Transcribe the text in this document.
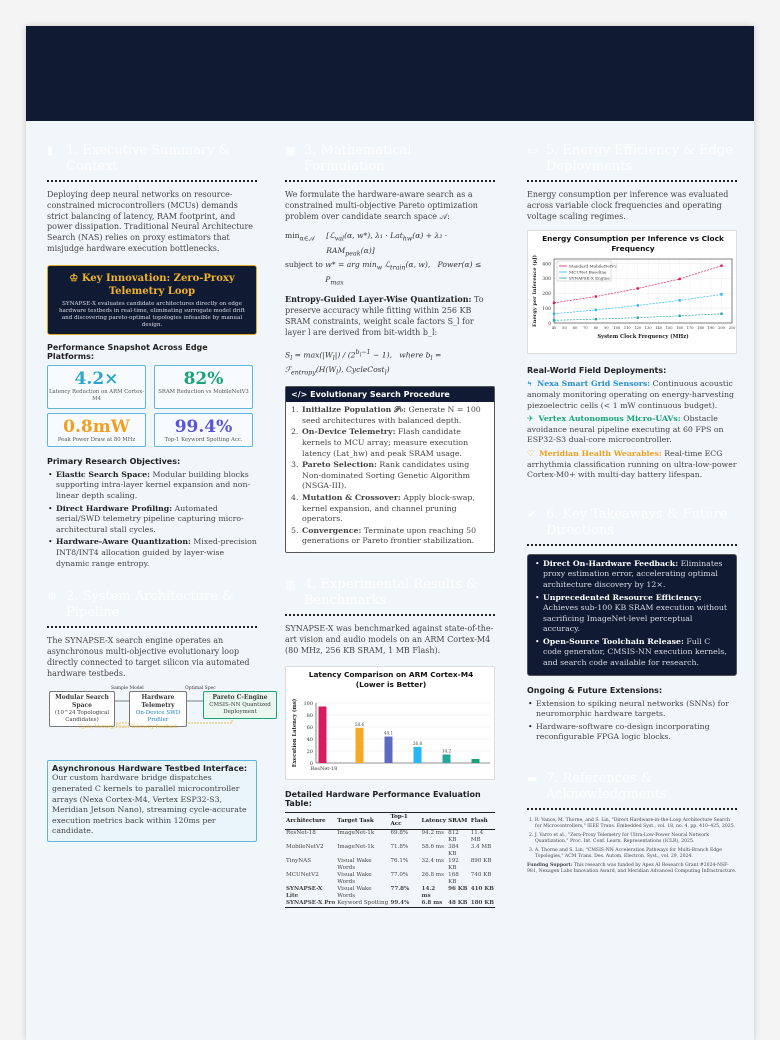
▮ 1. Executive Summary & Context

Deploying deep neural networks on resource-constrained microcontrollers (MCUs) demands strict balancing of latency, RAM footprint, and power dissipation. Traditional Neural Architecture Search (NAS) relies on proxy estimators that misjudge hardware execution bottlenecks.

♔ Key Innovation: Zero-Proxy Telemetry Loop
SYNAPSE-X evaluates candidate architectures directly on edge hardware testbeds in real-time, eliminating surrogate model drift and discovering pareto-optimal topologies infeasible by manual design.
Performance Snapshot Across Edge Platforms:
4.2×
Latency Reduction on ARM Cortex-M4
82%
SRAM Reduction vs MobileNetV3
0.8mW
Peak Power Draw at 80 MHz
99.4%
Top-1 Keyword Spotting Acc.
Primary Research Objectives:
• Elastic Search Space: Modular building blocks supporting intra-layer kernel expansion and non-linear depth scaling.
• Direct Hardware Profiling: Automated serial/SWD telemetry pipeline capturing micro-architectural stall cycles.
• Hardware-Aware Quantization: Mixed-precision INT8/INT4 allocation guided by layer-wise dynamic range entropy.
⚙ 2. System Architecture & Pipeline

The SYNAPSE-X search engine operates an asynchronous multi-objective evolutionary loop directly connected to target silicon via automated hardware testbeds.

Modular Search Space
(10^24 Topological Candidates)
Hardware Telemetry
On-Device SWD Profiler
Pareto C-Engine
CMSIS-NN Quantized Deployment
Sample Model	Optimal Spec
Cycle, Memory, Power Telemetry Feedback
Asynchronous Hardware Testbed Interface:

Our custom hardware bridge dispatches generated C kernels to parallel microcontroller arrays (Nexa Cortex-M4, Vertex ESP32-S3, Meridian Jetson Nano), streaming cycle-accurate execution metrics back within 120ms per candidate.

▦ 3. Mathematical Formulation

We formulate the hardware-aware search as a constrained multi-objective Pareto optimization problem over candidate search space 𝒜:

$\min_{\alpha\in 𝒜}$	[ℒ$_{val}$(α, w*), $\lambda_1 \cdot Lat_{hw}(\alpha) + \lambda_2 \cdot RAM_{peak}(\alpha)$]
subject to w* = arg $\min_w$ ℒ$_{train}$(α, w),   Power(α) ≤ $P_{max}$

Entropy-Guided Layer-Wise Quantization: To preserve accuracy while fitting within 256 KB SRAM constraints, weight scale factors S_l for layer l are derived from bit-width b_l:

$S_l = \max(|W_l|) / (2^{b_l-1} - 1)$,   where $b_l$ = $ℱ_{entropy}(H(W_l)$, CycleCost$_l$)
</> Evolutionary Search Procedure
1. Initialize Population 𝒫₀: Generate N = 100 seed architectures with balanced depth.
2. On-Device Telemetry: Flash candidate kernels to MCU array; measure execution latency (Lat_hw) and peak SRAM usage.
3. Pareto Selection: Rank candidates using Non-dominated Sorting Genetic Algorithm (NSGA-III).
4. Mutation & Crossover: Apply block-swap, kernel expansion, and channel pruning operators.
5. Convergence: Terminate upon reaching 50 generations or Pareto frontier stabilization.
▥ 4. Experimental Results & Benchmarks

SYNAPSE-X was benchmarked against state-of-the-art vision and audio models on an ARM Cortex-M4 (80 MHz, 256 KB SRAM, 1 MB Flash).

Latency Comparison on ARM Cortex-M4 (Lower is Better)
0
20
40
60
80
100
Execution Latency (ms)	58.6
44.1
26.8
14.2
ResNet-18
Detailed Hardware Performance Evaluation Table:
Architecture	Target Task	Top-1 Acc	Latency	SRAM	Flash
ResNet-18	ImageNet-1k	69.8%	94.2 ms	812 KB	11.4 MB
MobileNetV2	ImageNet-1k	71.8%	58.6 ms	384 KB	3.4 MB
TinyNAS	Visual Wake Words	76.1%	32.4 ms	192 KB	890 KB
MCUNetV2	Visual Wake Words	77.0%	26.8 ms	168 KB	740 KB
SYNAPSE-X Lite	Visual Wake Words	77.8%	14.2 ms	96 KB	410 KB
SYNAPSE-X Pro	Keyword Spotting	99.4%	6.8 ms	48 KB	180 KB
▭ 5. Energy Efficiency & Edge Deployments

Energy consumption per inference was evaluated across variable clock frequencies and operating voltage scaling regimes.

Energy Consumption per Inference vs Clock Frequency
0
100
200
300
400
40 50 60 70 80 90 100 110 120 130 140 150 160 170 180 190 200 210
System Clock Frequency (MHz)
Energy per Inference (μJ)	Standard MobileNetV2
MCUNet Baseline
SYNAPSE-X Engine
Real-World Field Deployments:
ϟ Nexa Smart Grid Sensors: Continuous acoustic anomaly monitoring operating on energy-harvesting piezoelectric cells (< 1 mW continuous budget).
✈ Vertex Autonomous Micro-UAVs: Obstacle avoidance neural pipeline executing at 60 FPS on ESP32-S3 dual-core microcontroller.
♡ Meridian Health Wearables: Real-time ECG arrhythmia classification running on ultra-low-power Cortex-M0+ with multi-day battery lifespan.
✔ 6. Key Takeaways & Future Directions
• Direct On-Hardware Feedback: Eliminates proxy estimation error, accelerating optimal architecture discovery by 12×.
• Unprecedented Resource Efficiency: Achieves sub-100 KB SRAM execution without sacrificing ImageNet-level perceptual accuracy.
• Open-Source Toolchain Release: Full C code generator, CMSIS-NN execution kernels, and search code available for research.
Ongoing & Future Extensions:
• Extension to spiking neural networks (SNNs) for neuromorphic hardware targets.
• Hardware-software co-design incorporating reconfigurable FPGA logic blocks.
▬ 7. References & Acknowledgments
1. R. Vance, M. Thorne, and S. Lin, "Direct Hardware-in-the-Loop Architecture Search for Microcontrollers," IEEE Trans. Embedded Syst., vol. 18, no. 4, pp. 410–425, 2025.
2. J. Varro et al., "Zero-Proxy Telemetry for Ultra-Low-Power Neural Network Quantization," Proc. Int. Conf. Learn. Representations (ICLR), 2025.
3. A. Thorne and S. Lin, "CMSIS-NN Acceleration Pathways for Multi-Branch Edge Topologies," ACM Trans. Des. Autom. Electron. Syst., vol. 29, 2024.
Funding Support: This research was funded by Apex AI Research Grant #2024-NSF-981, Nexagen Labs Innovation Award, and Meridian Advanced Computing Infrastructure.
